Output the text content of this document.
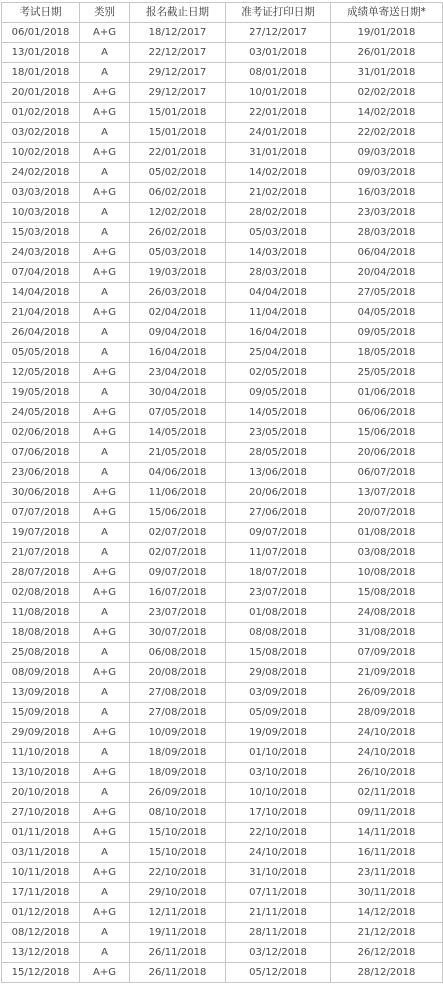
考试日期	类别	报名截止日期	准考证打印日期	成绩单寄送日期*
06/01/2018	A+G	18/12/2017	27/12/2017	19/01/2018
13/01/2018	A	22/12/2017	03/01/2018	26/01/2018
18/01/2018	A	29/12/2017	08/01/2018	31/01/2018
20/01/2018	A+G	29/12/2017	10/01/2018	02/02/2018
01/02/2018	A+G	15/01/2018	22/01/2018	14/02/2018
03/02/2018	A	15/01/2018	24/01/2018	22/02/2018
10/02/2018	A+G	22/01/2018	31/01/2018	09/03/2018
24/02/2018	A	05/02/2018	14/02/2018	09/03/2018
03/03/2018	A+G	06/02/2018	21/02/2018	16/03/2018
10/03/2018	A	12/02/2018	28/02/2018	23/03/2018
15/03/2018	A	26/02/2018	05/03/2018	28/03/2018
24/03/2018	A+G	05/03/2018	14/03/2018	06/04/2018
07/04/2018	A+G	19/03/2018	28/03/2018	20/04/2018
14/04/2018	A	26/03/2018	04/04/2018	27/05/2018
21/04/2018	A+G	02/04/2018	11/04/2018	04/05/2018
26/04/2018	A	09/04/2018	16/04/2018	09/05/2018
05/05/2018	A	16/04/2018	25/04/2018	18/05/2018
12/05/2018	A+G	23/04/2018	02/05/2018	25/05/2018
19/05/2018	A	30/04/2018	09/05/2018	01/06/2018
24/05/2018	A+G	07/05/2018	14/05/2018	06/06/2018
02/06/2018	A+G	14/05/2018	23/05/2018	15/06/2018
07/06/2018	A	21/05/2018	28/05/2018	20/06/2018
23/06/2018	A	04/06/2018	13/06/2018	06/07/2018
30/06/2018	A+G	11/06/2018	20/06/2018	13/07/2018
07/07/2018	A+G	15/06/2018	27/06/2018	20/07/2018
19/07/2018	A	02/07/2018	09/07/2018	01/08/2018
21/07/2018	A	02/07/2018	11/07/2018	03/08/2018
28/07/2018	A+G	09/07/2018	18/07/2018	10/08/2018
02/08/2018	A+G	16/07/2018	23/07/2018	15/08/2018
11/08/2018	A	23/07/2018	01/08/2018	24/08/2018
18/08/2018	A+G	30/07/2018	08/08/2018	31/08/2018
25/08/2018	A	06/08/2018	15/08/2018	07/09/2018
08/09/2018	A+G	20/08/2018	29/08/2018	21/09/2018
13/09/2018	A	27/08/2018	03/09/2018	26/09/2018
15/09/2018	A	27/08/2018	05/09/2018	28/09/2018
29/09/2018	A+G	10/09/2018	19/09/2018	24/10/2018
11/10/2018	A	18/09/2018	01/10/2018	24/10/2018
13/10/2018	A+G	18/09/2018	03/10/2018	26/10/2018
20/10/2018	A	26/09/2018	10/10/2018	02/11/2018
27/10/2018	A+G	08/10/2018	17/10/2018	09/11/2018
01/11/2018	A+G	15/10/2018	22/10/2018	14/11/2018
03/11/2018	A	15/10/2018	24/10/2018	16/11/2018
10/11/2018	A+G	22/10/2018	31/10/2018	23/11/2018
17/11/2018	A	29/10/2018	07/11/2018	30/11/2018
01/12/2018	A+G	12/11/2018	21/11/2018	14/12/2018
08/12/2018	A	19/11/2018	28/11/2018	21/12/2018
13/12/2018	A	26/11/2018	03/12/2018	26/12/2018
15/12/2018	A+G	26/11/2018	05/12/2018	28/12/2018
